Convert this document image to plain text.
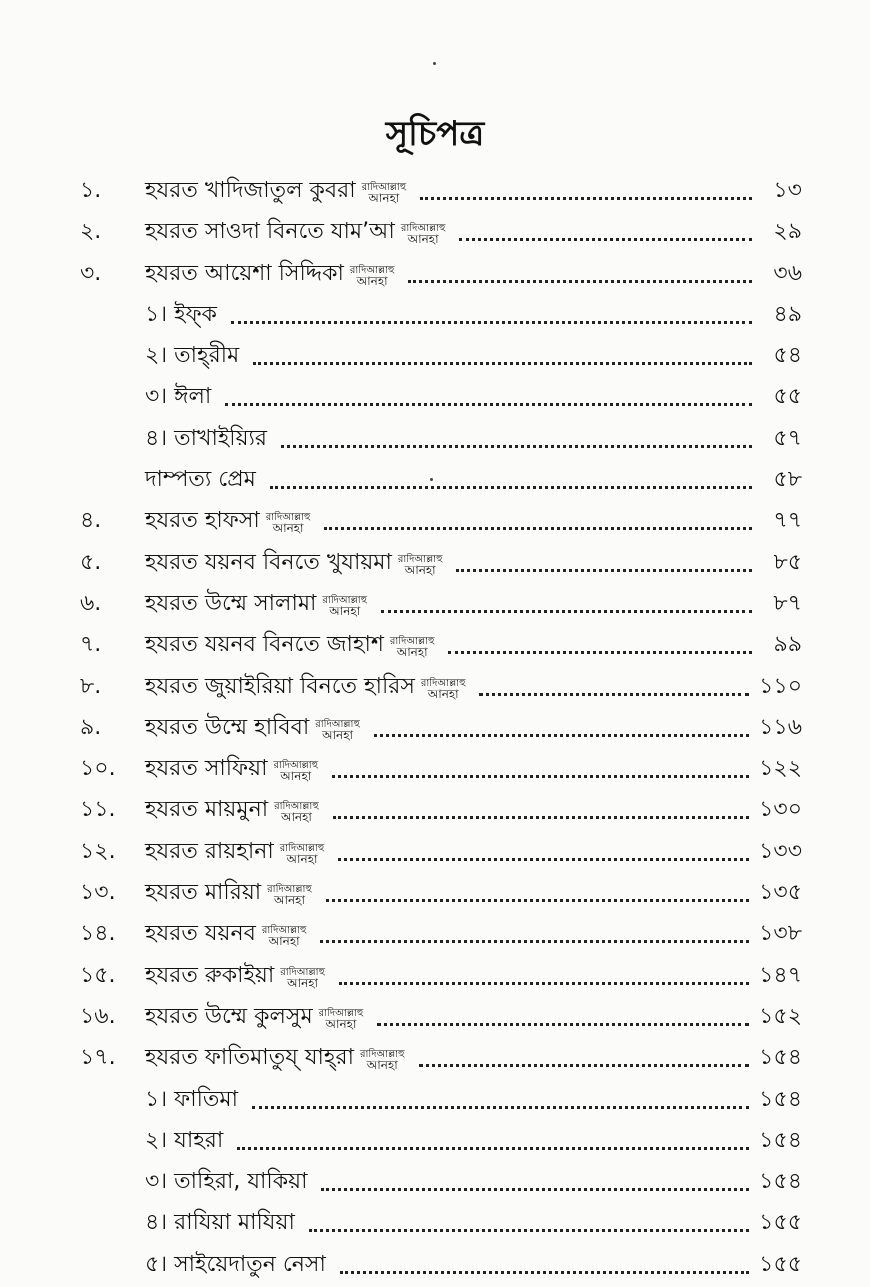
সূচিপত্র
১. হযরত খাদিজাতুল কুবরা রাদিআল্লাহু
আনহা	১৩
২. হযরত সাওদা বিনতে যাম’আ রাদিআল্লাহু
আনহা	২৯
৩. হযরত আয়েশা সিদ্দিকা রাদিআল্লাহু
আনহা	৩৬
১। ইফ্‌ক	৪৯
২। তাহ্‌রীম	৫৪
৩। ঈলা	৫৫
৪। তাখাইয়্যির	৫৭
দাম্পত্য প্রেম	৫৮
৪. হযরত হাফসা রাদিআল্লাহু
আনহা	৭৭
৫. হযরত যয়নব বিনতে খুযায়মা রাদিআল্লাহু
আনহা	৮৫
৬. হযরত উম্মে সালামা রাদিআল্লাহু
আনহা	৮৭
৭. হযরত যয়নব বিনতে জাহাশ রাদিআল্লাহু
আনহা	৯৯
৮. হযরত জুয়াইরিয়া বিনতে হারিস রাদিআল্লাহু
আনহা	১১০
৯. হযরত উম্মে হাবিবা রাদিআল্লাহু
আনহা	১১৬
১০. হযরত সাফিয়া রাদিআল্লাহু
আনহা	১২২
১১. হযরত মায়মুনা রাদিআল্লাহু
আনহা	১৩০
১২. হযরত রায়হানা রাদিআল্লাহু
আনহা	১৩৩
১৩. হযরত মারিয়া রাদিআল্লাহু
আনহা	১৩৫
১৪. হযরত যয়নব রাদিআল্লাহু
আনহা	১৩৮
১৫. হযরত রুকাইয়া রাদিআল্লাহু
আনহা	১৪৭
১৬. হযরত উম্মে কুলসুম রাদিআল্লাহু
আনহা	১৫২
১৭. হযরত ফাতিমাতুয্‌ যাহ্‌রা রাদিআল্লাহু
আনহা	১৫৪
১। ফাতিমা	১৫৪
২। যাহরা	১৫৪
৩। তাহিরা, যাকিয়া	১৫৪
৪। রাযিয়া মাযিয়া	১৫৫
৫। সাইয়েদাতুন নেসা	১৫৫
